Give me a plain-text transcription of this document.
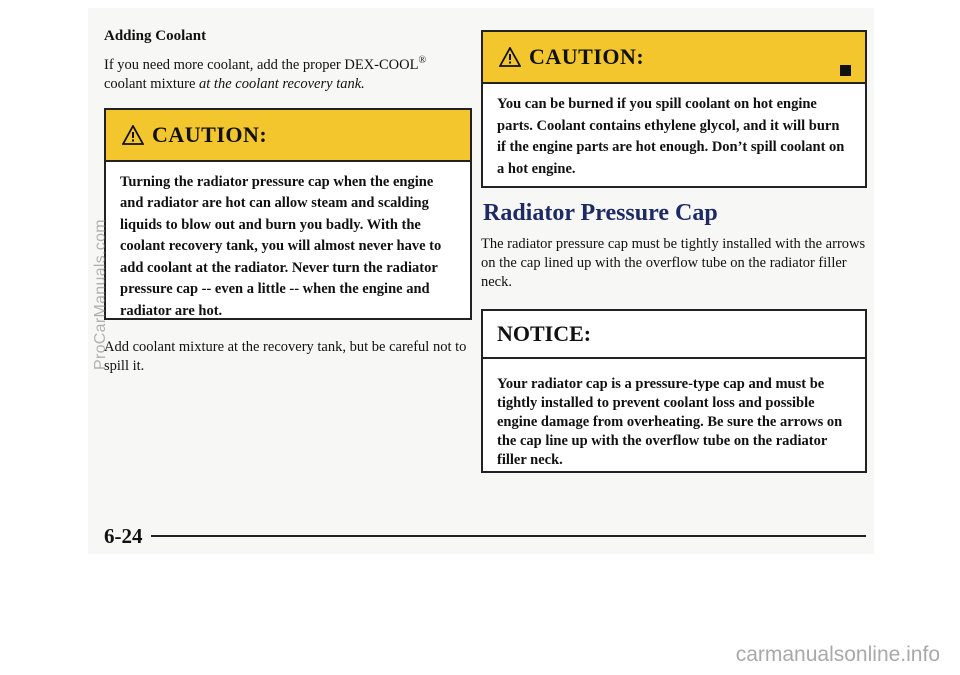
Adding Coolant

If you need more coolant, add the proper DEX-COOL® coolant mixture at the coolant recovery tank.

CAUTION:
Turning the radiator pressure cap when the engine and radiator are hot can allow steam and scalding liquids to blow out and burn you badly. With the coolant recovery tank, you will almost never have to add coolant at the radiator. Never turn the radiator pressure cap -- even a little -- when the engine and radiator are hot.

Add coolant mixture at the recovery tank, but be careful not to spill it.

CAUTION:
You can be burned if you spill coolant on hot engine parts. Coolant contains ethylene glycol, and it will burn if the engine parts are hot enough. Don’t spill coolant on a hot engine.
Radiator Pressure Cap

The radiator pressure cap must be tightly installed with the arrows on the cap lined up with the overflow tube on the radiator filler neck.

NOTICE:
Your radiator cap is a pressure-type cap and must be tightly installed to prevent coolant loss and possible engine damage from overheating. Be sure the arrows on the cap line up with the overflow tube on the radiator filler neck.
6-24
ProCarManuals.com
carmanualsonline.info
